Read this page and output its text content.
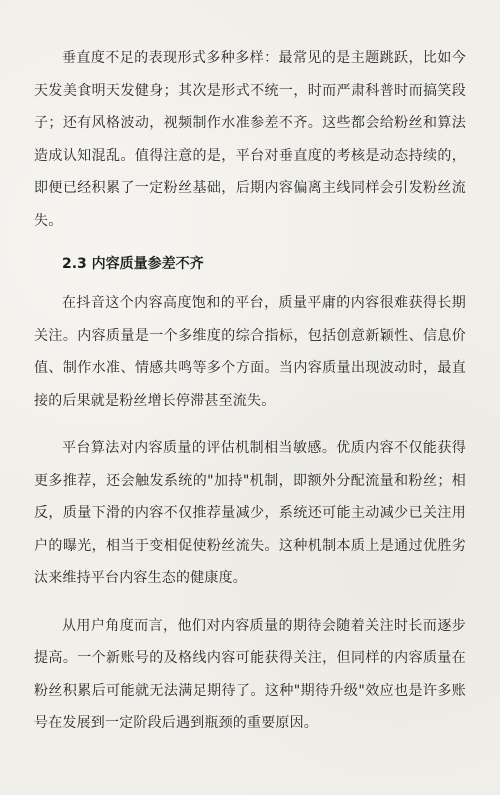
垂直度不足的表现形式多种多样：最常见的是主题跳跃，比如今天发美食明天发健身；其次是形式不统一，时而严肃科普时而搞笑段子；还有风格波动，视频制作水准参差不齐。这些都会给粉丝和算法造成认知混乱。值得注意的是，平台对垂直度的考核是动态持续的，即便已经积累了一定粉丝基础，后期内容偏离主线同样会引发粉丝流失。

2.3 内容质量参差不齐

在抖音这个内容高度饱和的平台，质量平庸的内容很难获得长期关注。内容质量是一个多维度的综合指标，包括创意新颖性、信息价值、制作水准、情感共鸣等多个方面。当内容质量出现波动时，最直接的后果就是粉丝增长停滞甚至流失。

平台算法对内容质量的评估机制相当敏感。优质内容不仅能获得更多推荐，还会触发系统的"加持"机制，即额外分配流量和粉丝；相反，质量下滑的内容不仅推荐量减少，系统还可能主动减少已关注用户的曝光，相当于变相促使粉丝流失。这种机制本质上是通过优胜劣汰来维持平台内容生态的健康度。

从用户角度而言，他们对内容质量的期待会随着关注时长而逐步提高。一个新账号的及格线内容可能获得关注，但同样的内容质量在粉丝积累后可能就无法满足期待了。这种"期待升级"效应也是许多账号在发展到一定阶段后遇到瓶颈的重要原因。
